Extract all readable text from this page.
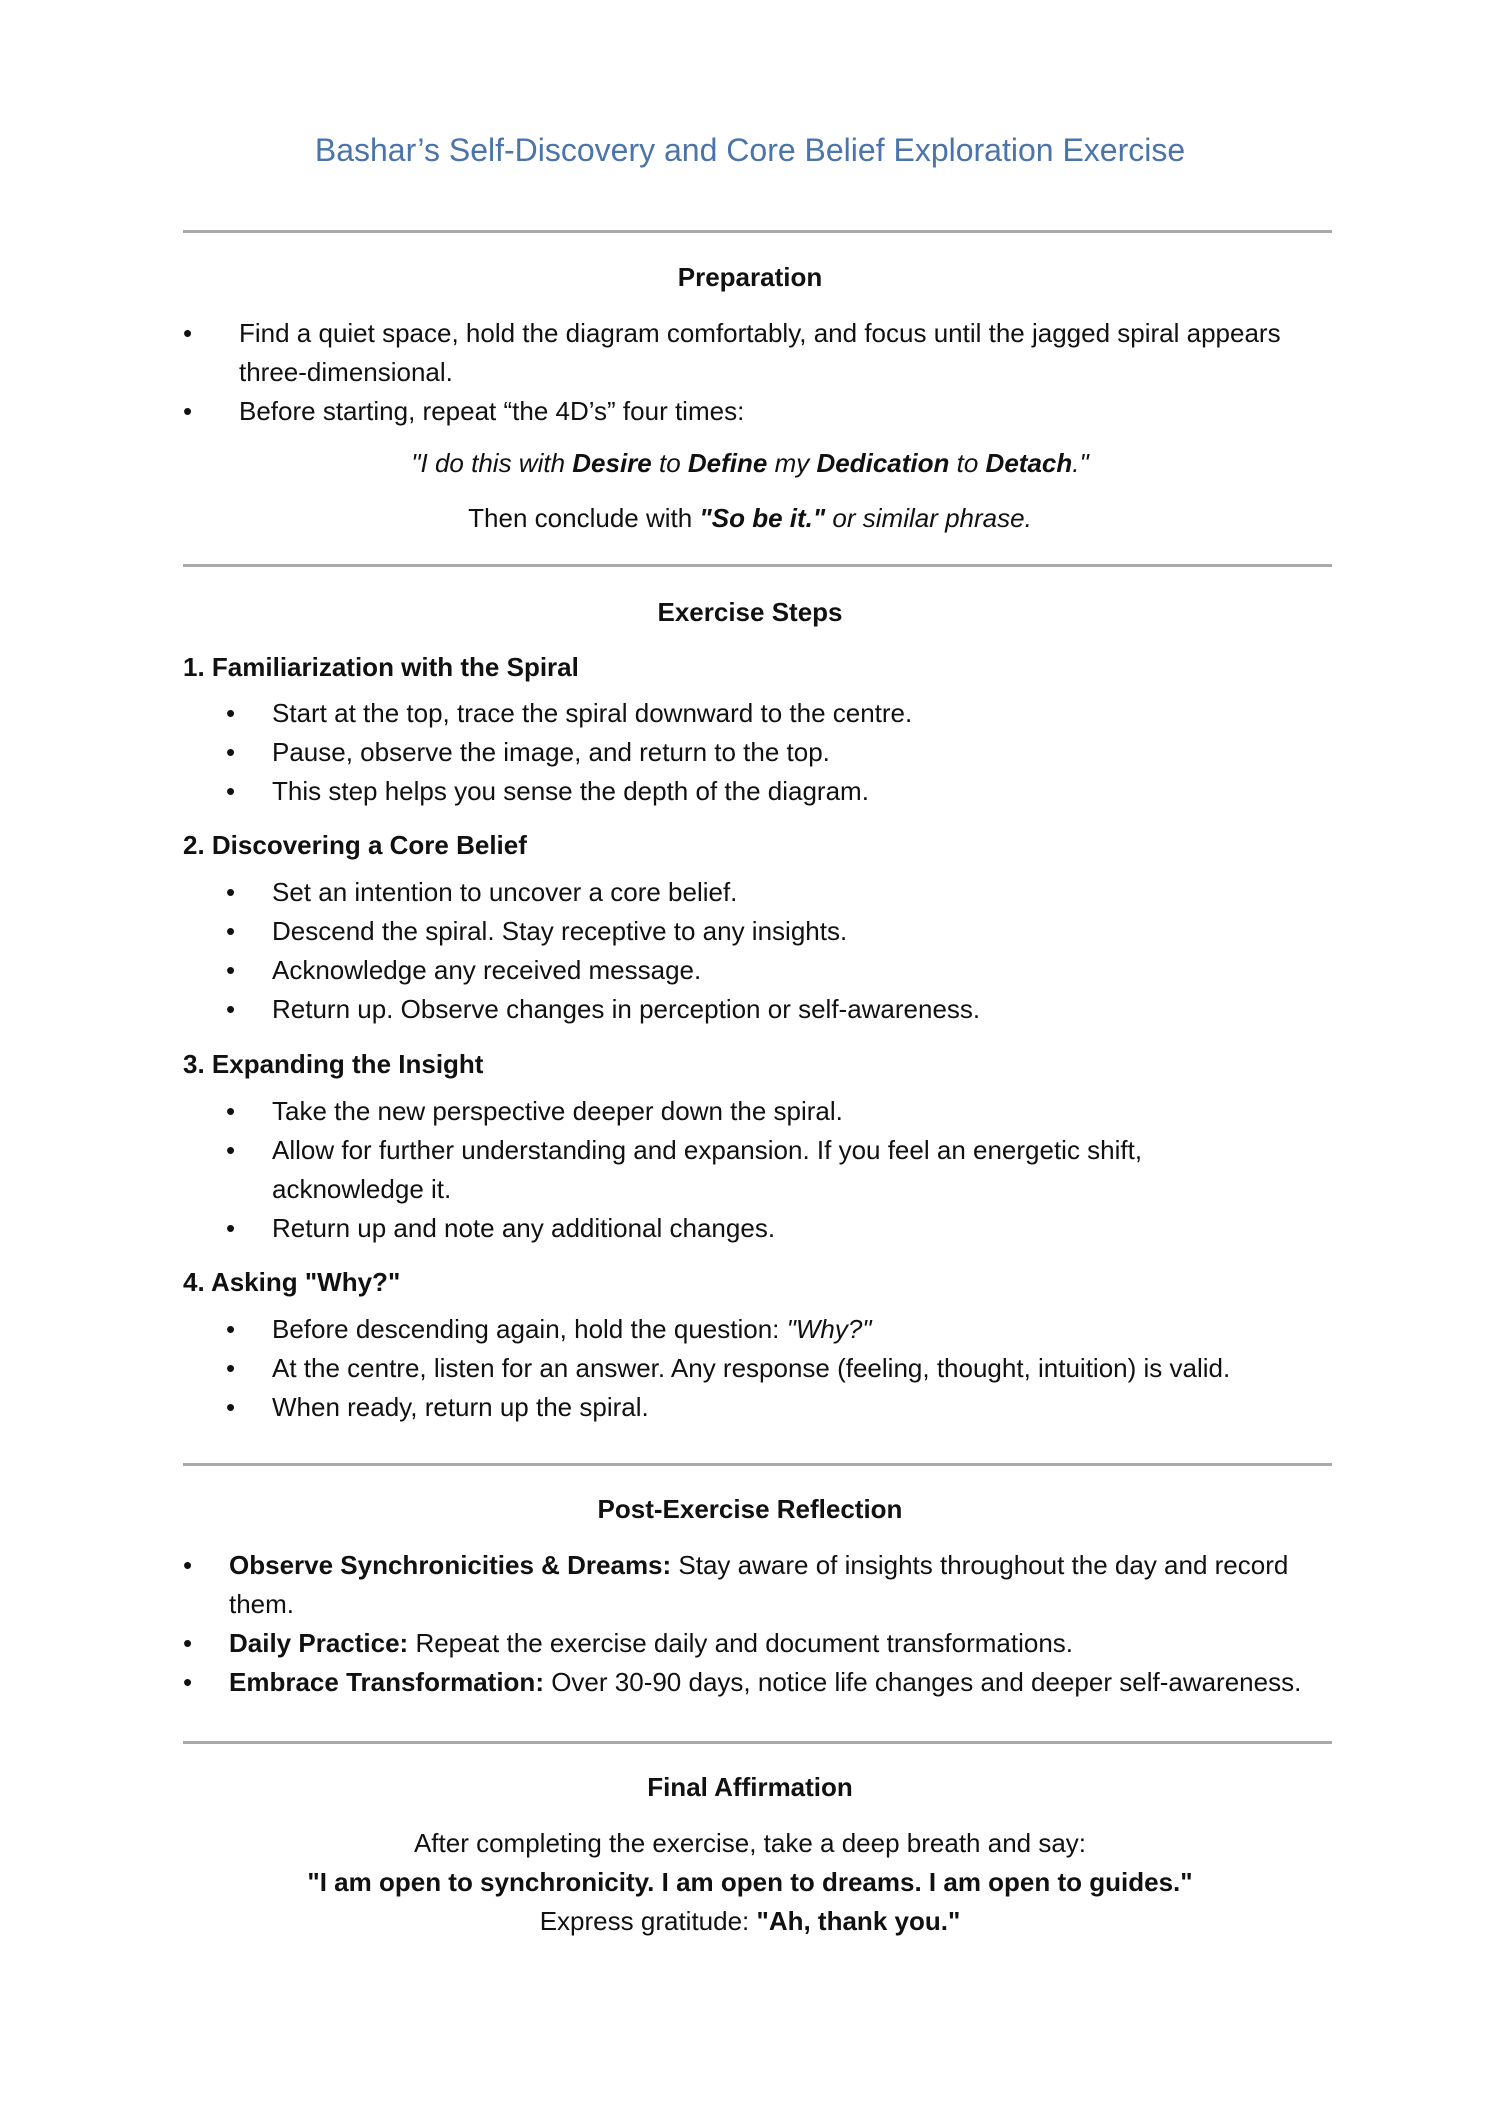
Bashar’s Self-Discovery and Core Belief Exploration Exercise
Preparation
• Find a quiet space, hold the diagram comfortably, and focus until the jagged spiral appears
three-dimensional.
• Before starting, repeat “the 4D’s” four times:
"I do this with Desire to Define my Dedication to Detach."
Then conclude with "So be it." or similar phrase.
Exercise Steps
1. Familiarization with the Spiral
• Start at the top, trace the spiral downward to the centre.
• Pause, observe the image, and return to the top.
• This step helps you sense the depth of the diagram.
2. Discovering a Core Belief
• Set an intention to uncover a core belief.
• Descend the spiral. Stay receptive to any insights.
• Acknowledge any received message.
• Return up. Observe changes in perception or self-awareness.
3. Expanding the Insight
• Take the new perspective deeper down the spiral.
• Allow for further understanding and expansion. If you feel an energetic shift,
acknowledge it.
• Return up and note any additional changes.
4. Asking "Why?"
• Before descending again, hold the question: "Why?"
• At the centre, listen for an answer. Any response (feeling, thought, intuition) is valid.
• When ready, return up the spiral.
Post-Exercise Reflection
• Observe Synchronicities & Dreams: Stay aware of insights throughout the day and record
them.
• Daily Practice: Repeat the exercise daily and document transformations.
• Embrace Transformation: Over 30-90 days, notice life changes and deeper self-awareness.
Final Affirmation
After completing the exercise, take a deep breath and say:
"I am open to synchronicity. I am open to dreams. I am open to guides."
Express gratitude: "Ah, thank you."
